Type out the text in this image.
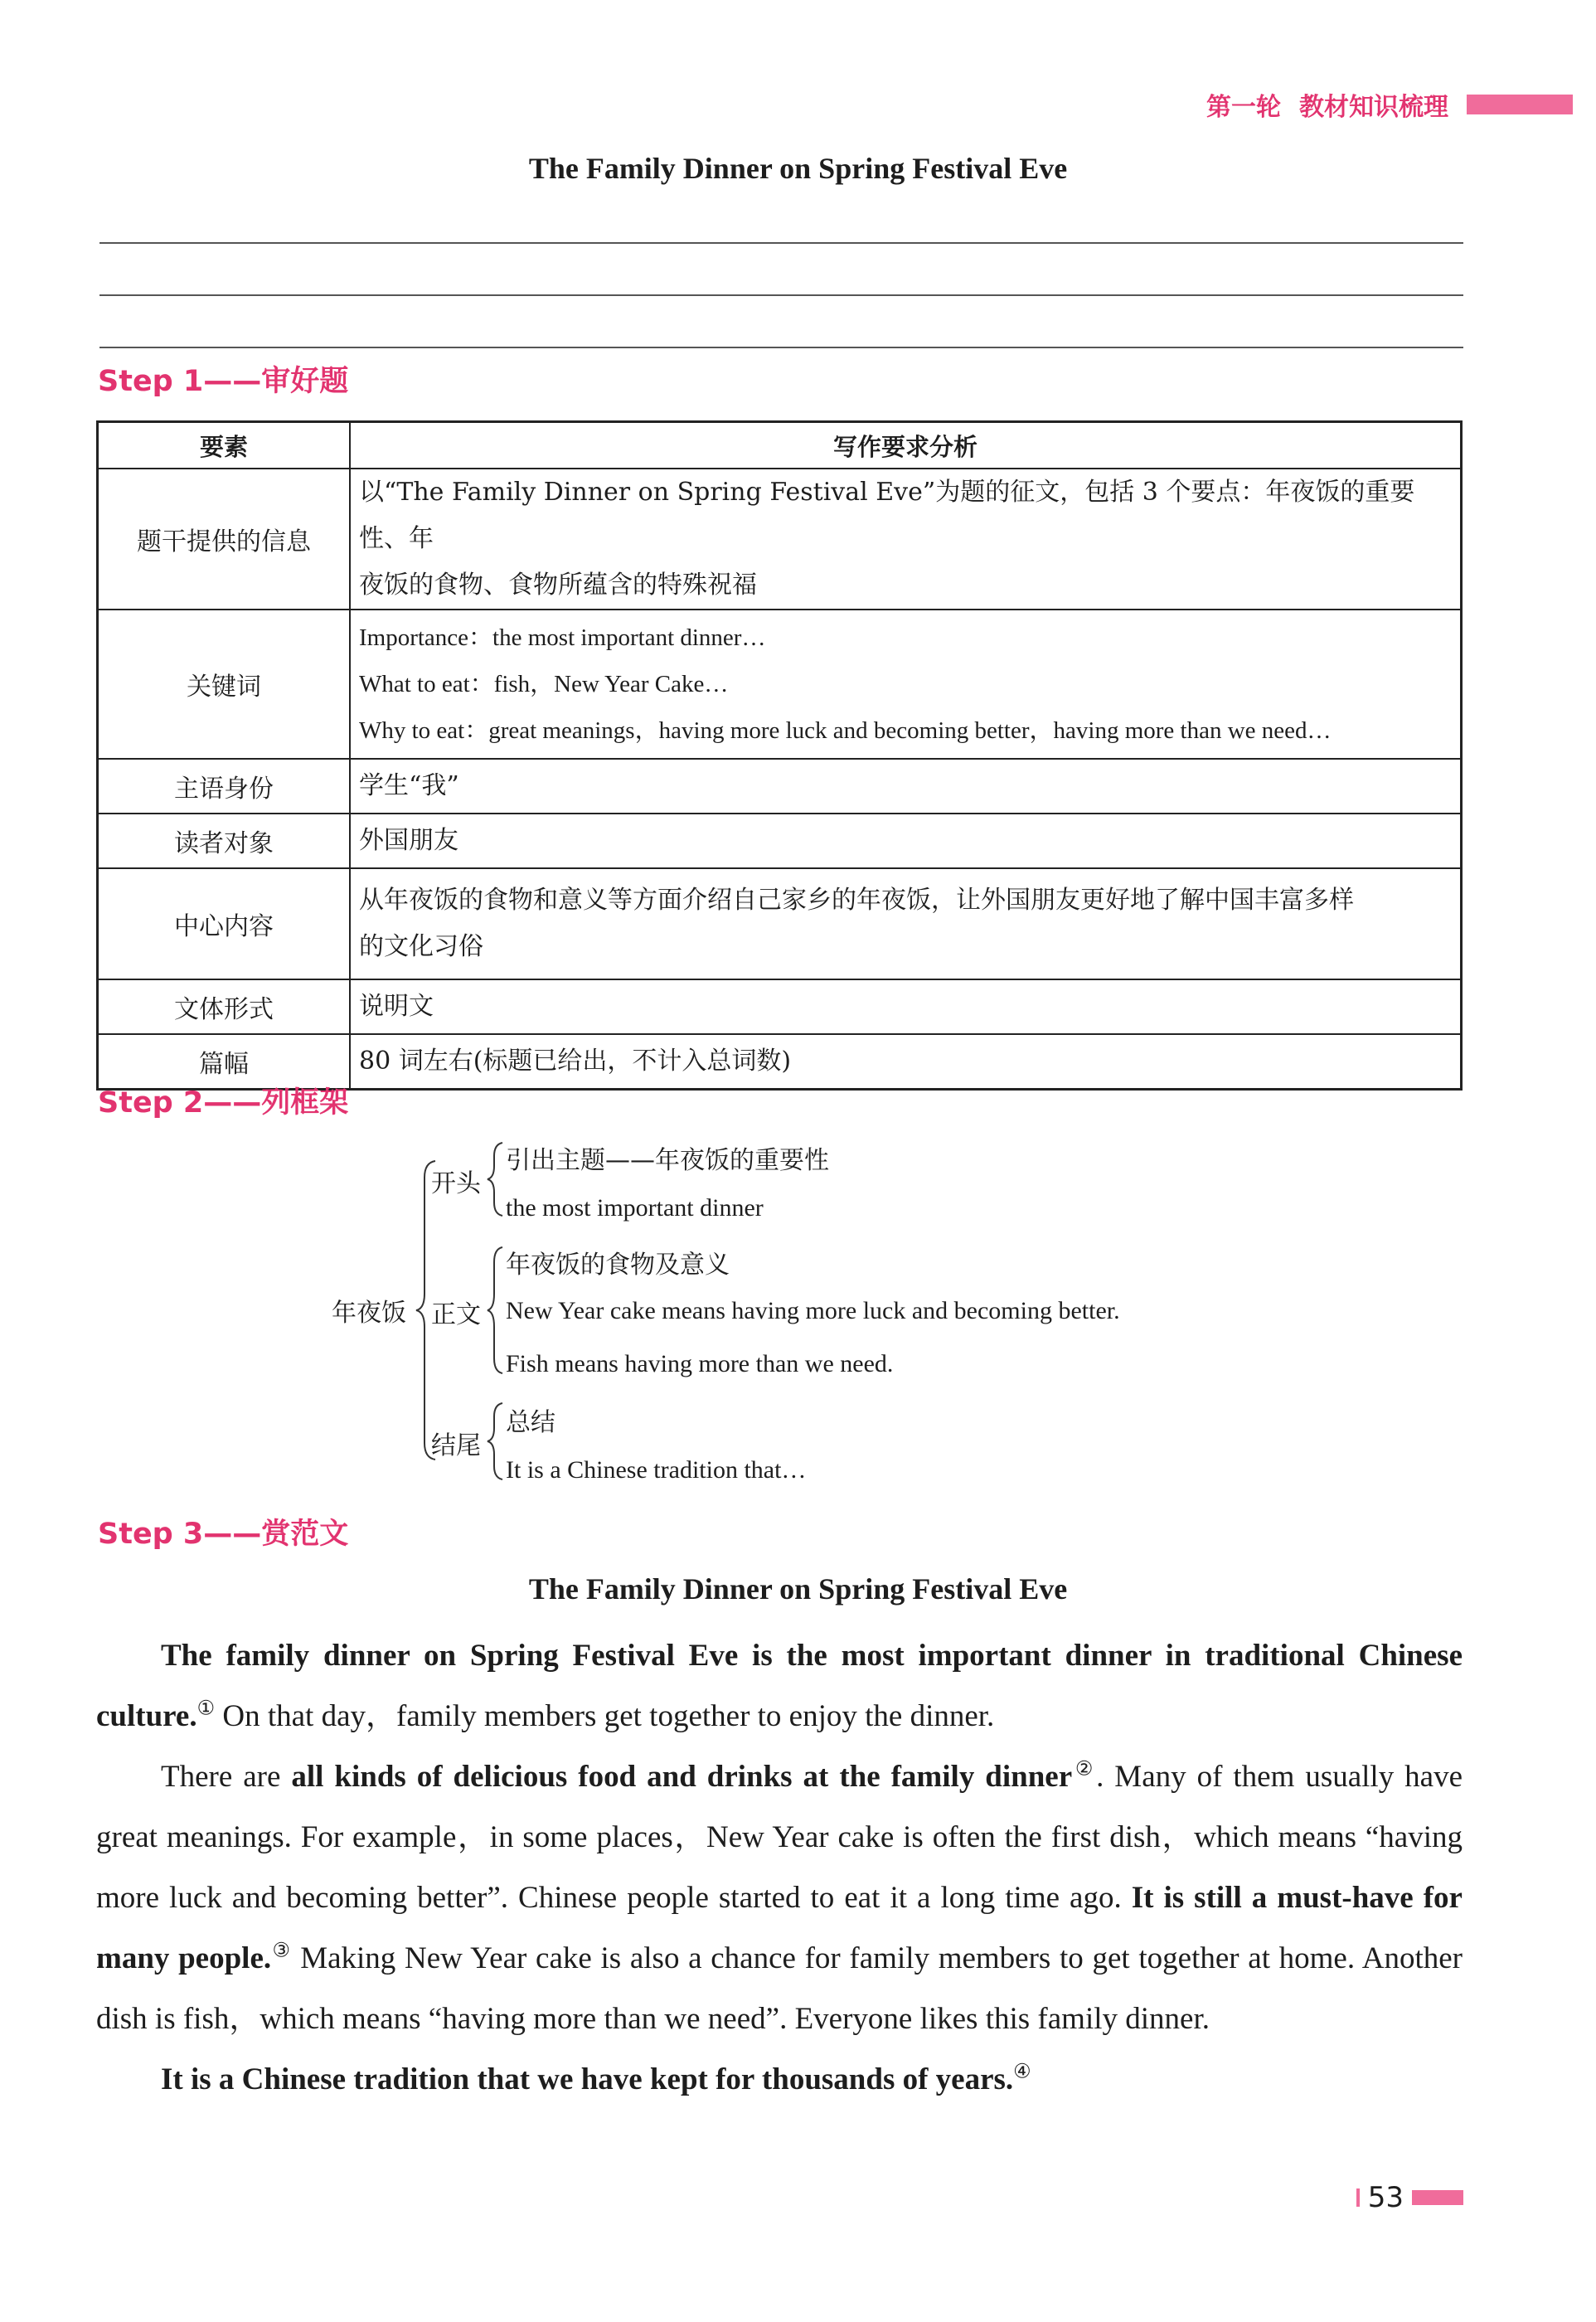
第一轮 教材知识梳理
The Family Dinner on Spring Festival Eve
Step 1——审好题
要素	写作要求分析
题干提供的信息	以“The Family Dinner on Spring Festival Eve”为题的征文，包括 3 个要点：年夜饭的重要性、年
夜饭的食物、食物所蕴含的特殊祝福

关键词	Importance：the most important dinner…
What to eat：fish，New Year Cake…
Why to eat：great meanings，having more luck and becoming better，having more than we need…

主语身份	学生“我”

读者对象	外国朋友

中心内容	从年夜饭的食物和意义等方面介绍自己家乡的年夜饭，让外国朋友更好地了解中国丰富多样
的文化习俗

文体形式	说明文

篇幅	80 词左右(标题已给出，不计入总词数)
Step 2——列框架
年夜饭
开头
正文
结尾
引出主题——年夜饭的重要性
the most important dinner
年夜饭的食物及意义
New Year cake means having more luck and becoming better.
Fish means having more than we need.
总结
It is a Chinese tradition that…
Step 3——赏范文
The Family Dinner on Spring Festival Eve

The family dinner on Spring Festival Eve is the most important dinner in traditional Chinese culture.① On that day，family members get together to enjoy the dinner.

There are all kinds of delicious food and drinks at the family dinner②. Many of them usually have great meanings. For example，in some places，New Year cake is often the first dish，which means “having more luck and becoming better”. Chinese people started to eat it a long time ago. It is still a must-have for many people.③ Making New Year cake is also a chance for family members to get together at home. Another dish is fish，which means “having more than we need”. Everyone likes this family dinner.

It is a Chinese tradition that we have kept for thousands of years.④

53
